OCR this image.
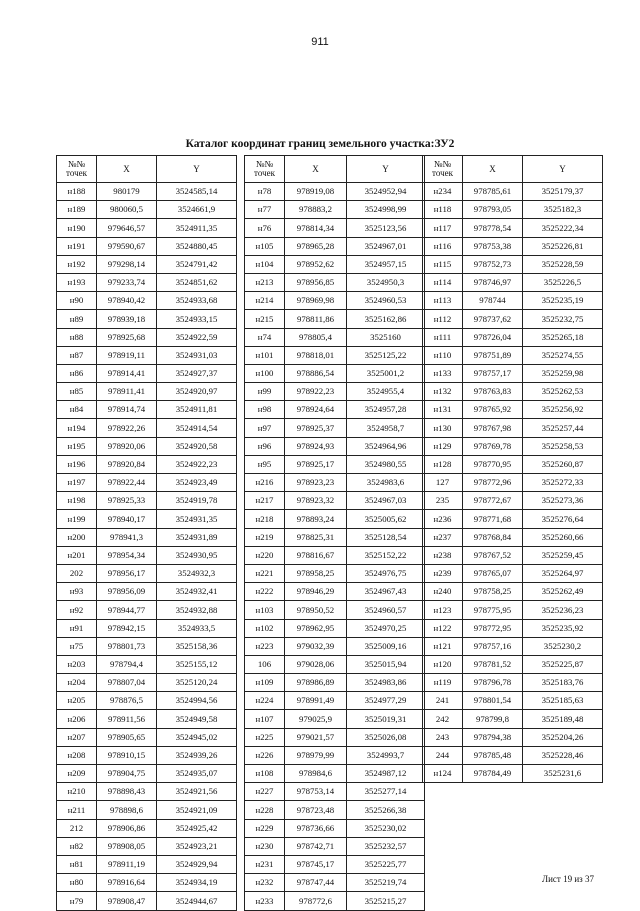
911
Каталог координат границ земельного участка:ЗУ2
№№
точек	X	Y
н188	980179	3524585,14
н189	980060,5	3524661,9
н190	979646,57	3524911,35
н191	979590,67	3524880,45
н192	979298,14	3524791,42
н193	979233,74	3524851,62
н90	978940,42	3524933,68
н89	978939,18	3524933,15
н88	978925,68	3524922,59
н87	978919,11	3524931,03
н86	978914,41	3524927,37
н85	978911,41	3524920,97
н84	978914,74	3524911,81
н194	978922,26	3524914,54
н195	978920,06	3524920,58
н196	978920,84	3524922,23
н197	978922,44	3524923,49
н198	978925,33	3524919,78
н199	978940,17	3524931,35
н200	978941,3	3524931,89
н201	978954,34	3524930,95
202	978956,17	3524932,3
н93	978956,09	3524932,41
н92	978944,77	3524932,88
н91	978942,15	3524933,5
н75	978801,73	3525158,36
н203	978794,4	3525155,12
н204	978807,04	3525120,24
н205	978876,5	3524994,56
н206	978911,56	3524949,58
н207	978905,65	3524945,02
н208	978910,15	3524939,26
н209	978904,75	3524935,07
н210	978898,43	3524921,56
н211	978898,6	3524921,09
212	978906,86	3524925,42
н82	978908,05	3524923,21
н81	978911,19	3524929,94
н80	978916,64	3524934,19
н79	978908,47	3524944,67
№№
точек	X	Y
н78	978919,08	3524952,94
н77	978883,2	3524998,99
н76	978814,34	3525123,56
н105	978965,28	3524967,01
н104	978952,62	3524957,15
н213	978956,85	3524950,3
н214	978969,98	3524960,53
н215	978811,86	3525162,86
н74	978805,4	3525160
н101	978818,01	3525125,22
н100	978886,54	3525001,2
н99	978922,23	3524955,4
н98	978924,64	3524957,28
н97	978925,37	3524958,7
н96	978924,93	3524964,96
н95	978925,17	3524980,55
н216	978923,23	3524983,6
н217	978923,32	3524967,03
н218	978893,24	3525005,62
н219	978825,31	3525128,54
н220	978816,67	3525152,22
н221	978958,25	3524976,75
н222	978946,29	3524967,43
н103	978950,52	3524960,57
н102	978962,95	3524970,25
н223	979032,39	3525009,16
106	979028,06	3525015,94
н109	978986,89	3524983,86
н224	978991,49	3524977,29
н107	979025,9	3525019,31
н225	979021,57	3525026,08
н226	978979,99	3524993,7
н108	978984,6	3524987,12
н227	978753,14	3525277,14
н228	978723,48	3525266,38
н229	978736,66	3525230,02
н230	978742,71	3525232,57
н231	978745,17	3525225,77
н232	978747,44	3525219,74
н233	978772,6	3525215,27
№№
точек	X	Y
н234	978785,61	3525179,37
н118	978793,05	3525182,3
н117	978778,54	3525222,34
н116	978753,38	3525226,81
н115	978752,73	3525228,59
н114	978746,97	3525226,5
н113	978744	3525235,19
н112	978737,62	3525232,75
н111	978726,04	3525265,18
н110	978751,89	3525274,55
н133	978757,17	3525259,98
н132	978763,83	3525262,53
н131	978765,92	3525256,92
н130	978767,98	3525257,44
н129	978769,78	3525258,53
н128	978770,95	3525260,87
127	978772,96	3525272,33
235	978772,67	3525273,36
н236	978771,68	3525276,64
н237	978768,84	3525260,66
н238	978767,52	3525259,45
н239	978765,07	3525264,97
н240	978758,25	3525262,49
н123	978775,95	3525236,23
н122	978772,95	3525235,92
н121	978757,16	3525230,2
н120	978781,52	3525225,87
н119	978796,78	3525183,76
241	978801,54	3525185,63
242	978799,8	3525189,48
243	978794,38	3525204,26
244	978785,48	3525228,46
н124	978784,49	3525231,6
Лист 19 из 37
